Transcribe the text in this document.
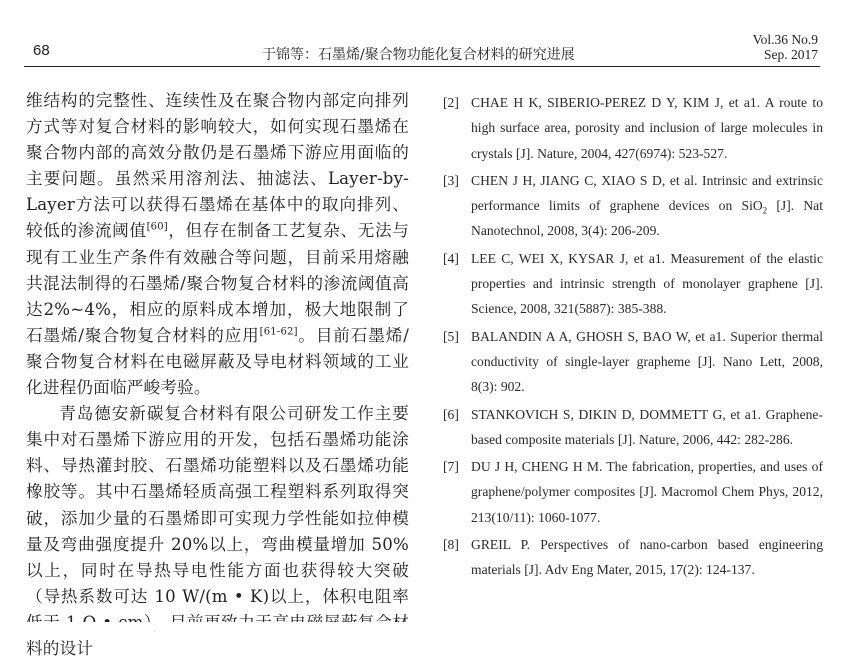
68	于锦等：石墨烯/聚合物功能化复合材料的研究进展
Vol.36 No.9
Sep. 2017

维结构的完整性、连续性及在聚合物内部定向排列方式等对复合材料的影响较大，如何实现石墨烯在聚合物内部的高效分散仍是石墨烯下游应用面临的主要问题。虽然采用溶剂法、抽滤法、Layer-by-Layer方法可以获得石墨烯在基体中的取向排列、较低的渗流阈值[60]，但存在制备工艺复杂、无法与现有工业生产条件有效融合等问题，目前采用熔融共混法制得的石墨烯/聚合物复合材料的渗流阈值高达2%~4%，相应的原料成本增加，极大地限制了石墨烯/聚合物复合材料的应用[61-62]。目前石墨烯/聚合物复合材料在电磁屏蔽及导电材料领域的工业化进程仍面临严峻考验。

青岛德安新碳复合材料有限公司研发工作主要集中对石墨烯下游应用的开发，包括石墨烯功能涂料、导热灌封胶、石墨烯功能塑料以及石墨烯功能橡胶等。其中石墨烯轻质高强工程塑料系列取得突破，添加少量的石墨烯即可实现力学性能如拉伸模量及弯曲强度提升 20%以上，弯曲模量增加 50%以上，同时在导热导电性能方面也获得较大突破（导热系数可达 10 W/(m • K)以上，体积电阻率 料的设计

[2] CHAE H K, SIBERIO-PEREZ D Y, KIM J, et a1. A route to high surface area, porosity and inclusion of large molecules in crystals [J]. Nature, 2004, 427(6974): 523-527.
[3] CHEN J H, JIANG C, XIAO S D, et al. Intrinsic and extrinsic performance limits of graphene devices on SiO$_2$ [J]. Nat Nanotechnol, 2008, 3(4): 206-209.
[4] LEE C, WEI X, KYSAR J, et a1. Measurement of the elastic properties and intrinsic strength of monolayer graphene [J]. Science, 2008, 321(5887): 385-388.
[5] BALANDIN A A, GHOSH S, BAO W, et a1. Superior thermal conductivity of single-layer grapheme [J]. Nano Lett, 2008, 8(3): 902.
[6] STANKOVICH S, DIKIN D, DOMMETT G, et a1. Graphene-based composite materials [J]. Nature, 2006, 442: 282-286.
[7] DU J H, CHENG H M. The fabrication, properties, and uses of graphene/polymer composites [J]. Macromol Chem Phys, 2012, 213(10/11): 1060-1077.
[8] GREIL P. Perspectives of nano-carbon based engineering materials [J]. Adv Eng Mater, 2015, 17(2): 124-137.
